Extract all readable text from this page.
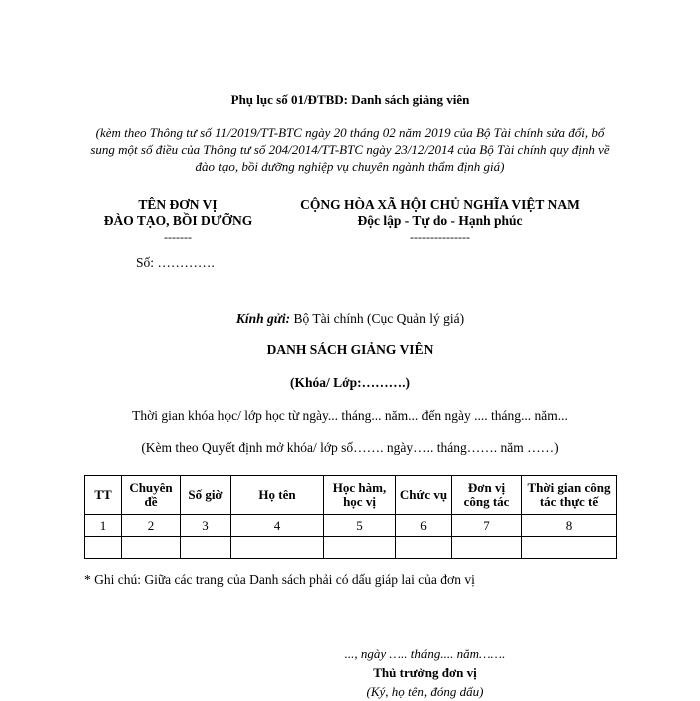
Phụ lục số 01/ĐTBD: Danh sách giảng viên
(kèm theo Thông tư số 11/2019/TT-BTC ngày 20 tháng 02 năm 2019 của Bộ Tài chính sửa đổi, bổ sung một số điều của Thông tư số 204/2014/TT-BTC ngày 23/12/2014 của Bộ Tài chính quy định về đào tạo, bồi dưỡng nghiệp vụ chuyên ngành thẩm định giá)
TÊN ĐƠN VỊ
ĐÀO TẠO, BỒI DƯỠNG
-------
CỘNG HÒA XÃ HỘI CHỦ NGHĨA VIỆT NAM
Độc lập - Tự do - Hạnh phúc
---------------
Số: ………….
Kính gửi: Bộ Tài chính (Cục Quản lý giá)
DANH SÁCH GIẢNG VIÊN
(Khóa/ Lớp:……….)
Thời gian khóa học/ lớp học từ ngày... tháng... năm... đến ngày .... tháng... năm...
(Kèm theo Quyết định mở khóa/ lớp số……. ngày….. tháng……. năm ……)
TT	Chuyên đề	Số giờ	Họ tên	Học hàm, học vị	Chức vụ	Đơn vị công tác	Thời gian công tác thực tế
1	2	3	4	5	6	7	8

* Ghi chú: Giữa các trang của Danh sách phải có dấu giáp lai của đơn vị
..., ngày ….. tháng.... năm…….
Thủ trưởng đơn vị
(Ký, họ tên, đóng dấu)
